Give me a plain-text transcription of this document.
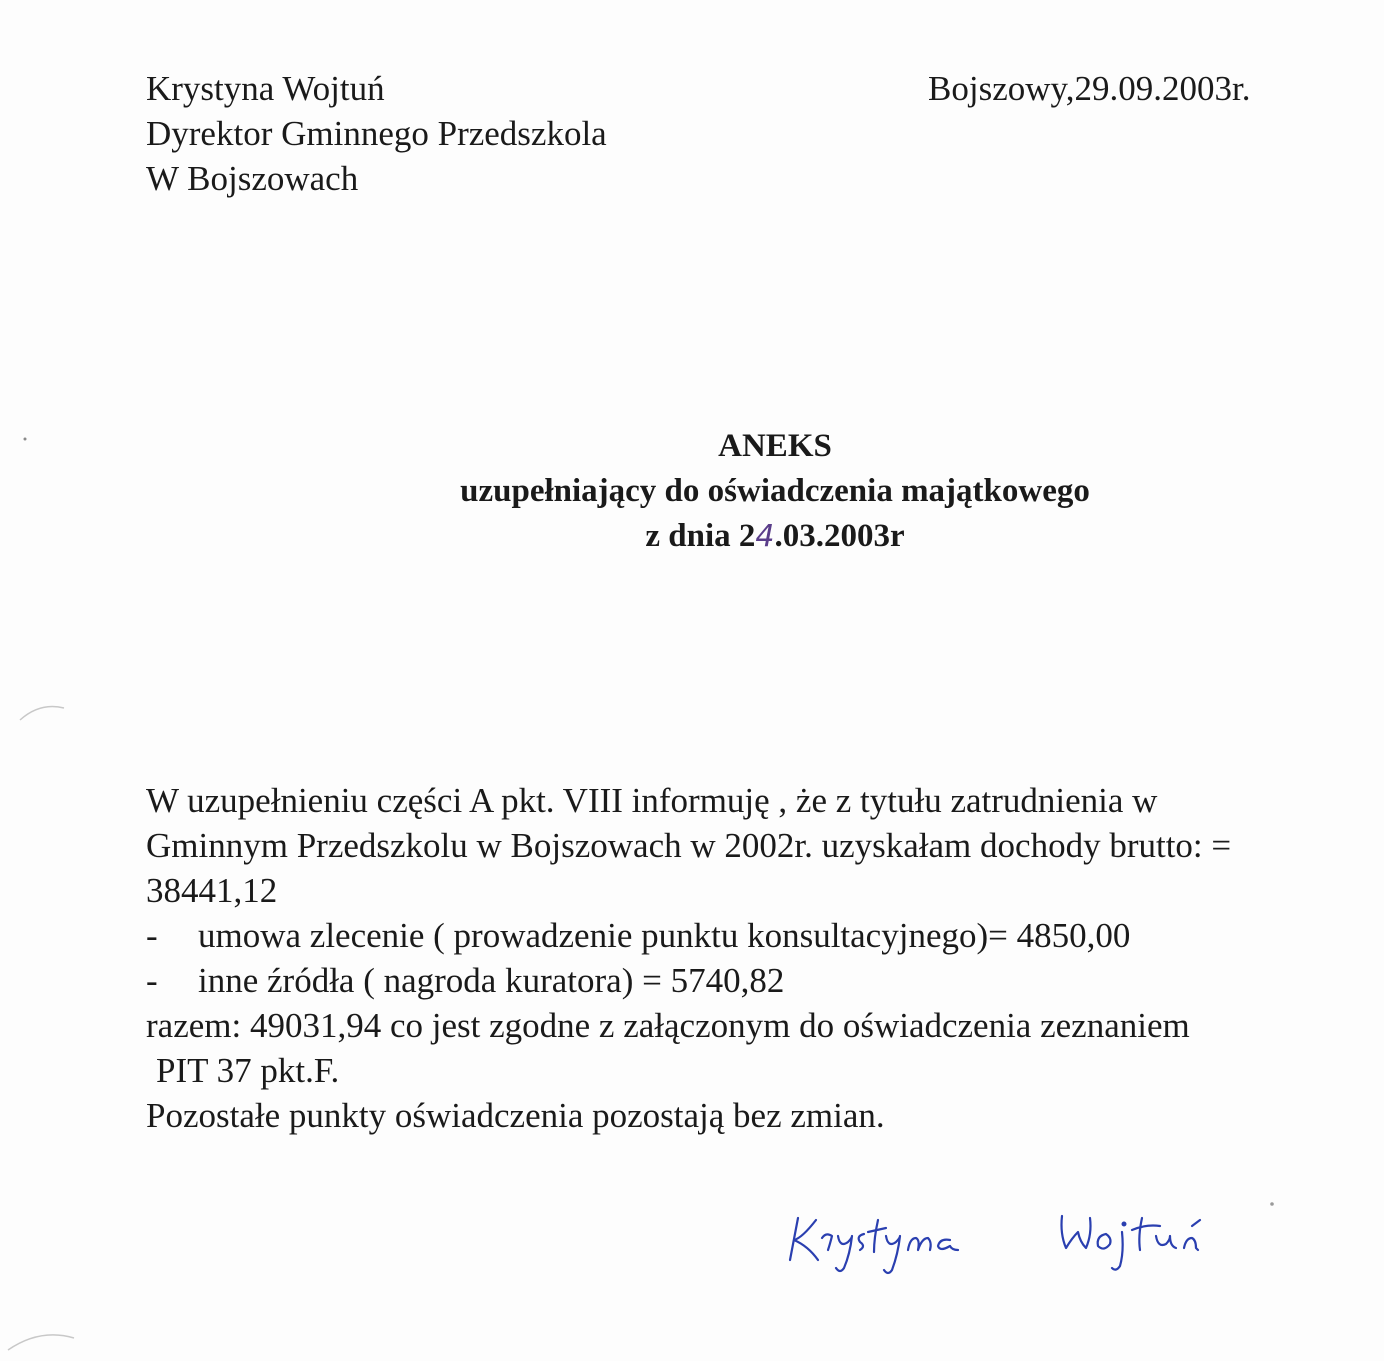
Krystyna Wojtuń
Dyrektor Gminnego Przedszkola
W Bojszowach
Bojszowy,29.09.2003r.
ANEKS
uzupełniający do oświadczenia majątkowego
z dnia 24.03.2003r
W uzupełnieniu części A pkt. VIII informuję , że z tytułu zatrudnienia w
Gminnym Przedszkolu w Bojszowach w 2002r. uzyskałam dochody brutto: =
38441,12
- umowa zlecenie ( prowadzenie punktu konsultacyjnego)= 4850,00
- inne źródła ( nagroda kuratora) = 5740,82
razem: 49031,94 co jest zgodne z załączonym do oświadczenia zeznaniem
PIT 37 pkt.F.
Pozostałe punkty oświadczenia pozostają bez zmian.
